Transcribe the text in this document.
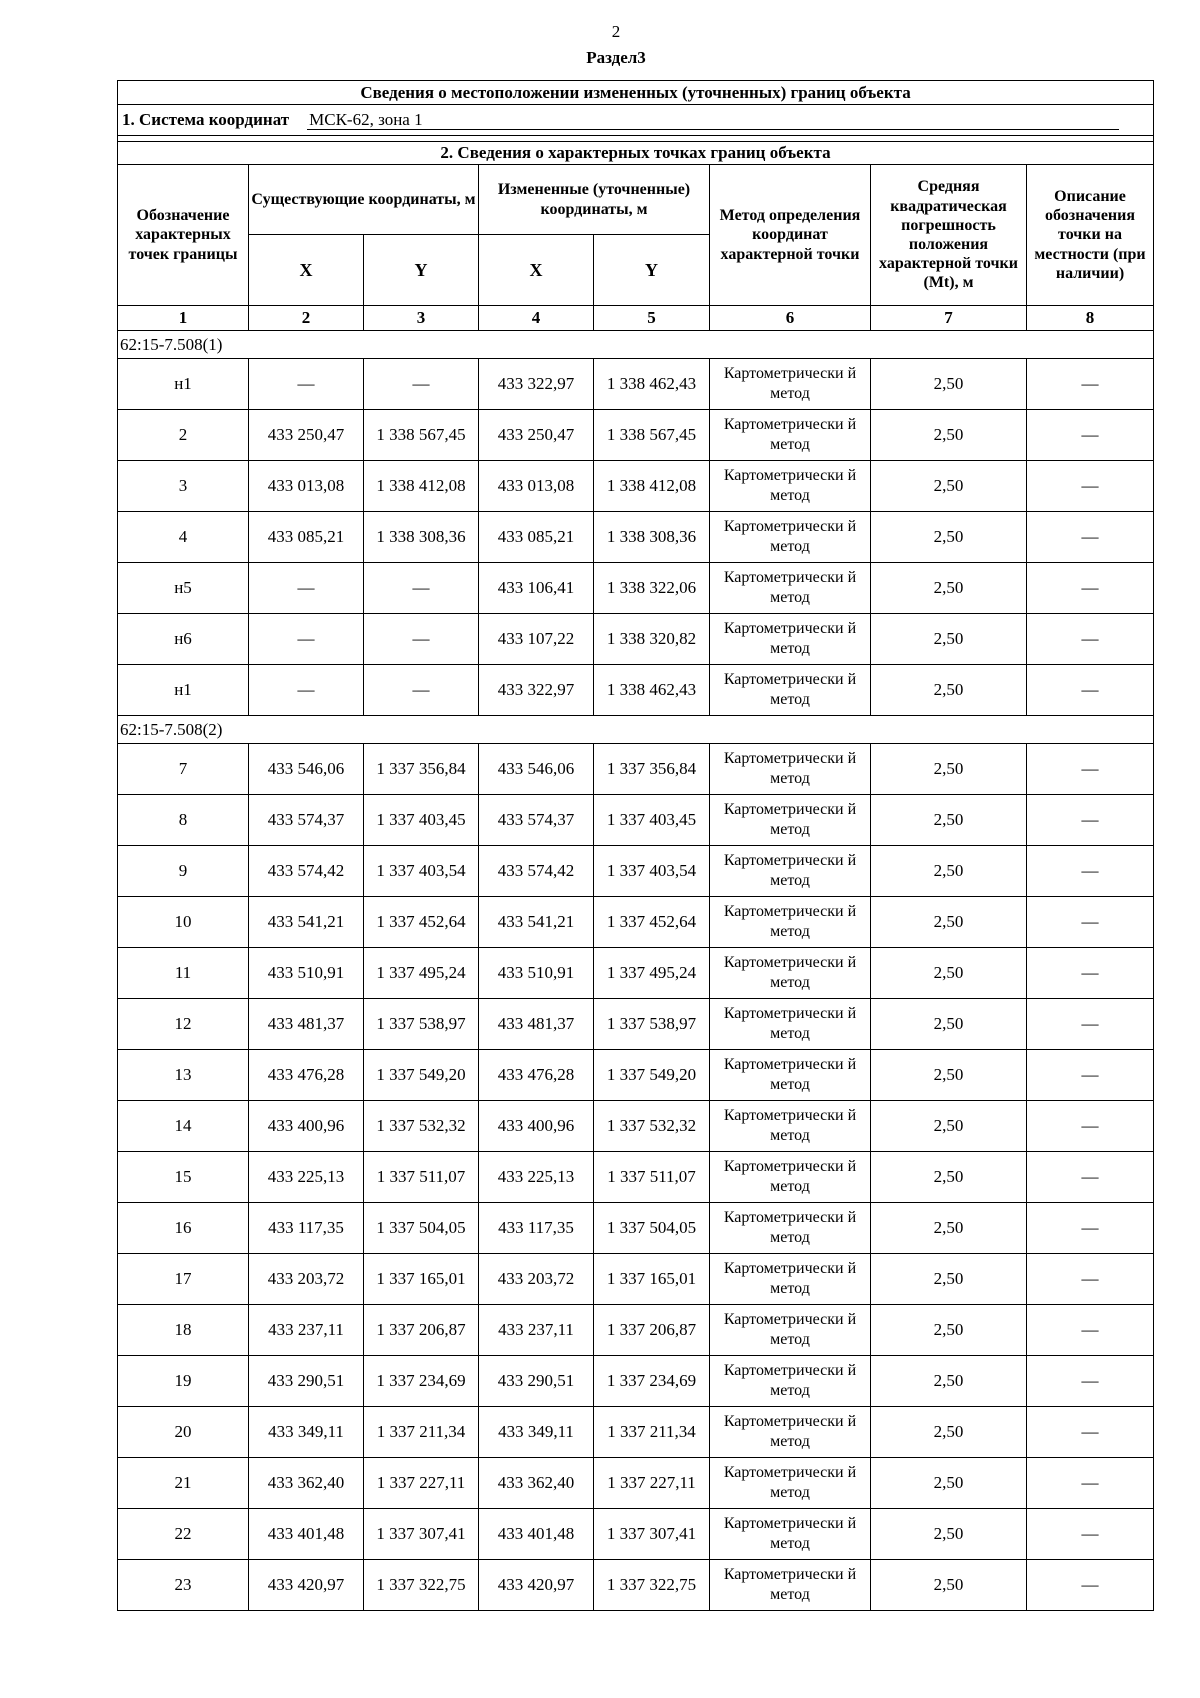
2
Раздел3
Сведения о местоположении измененных (уточненных) границ объекта							
1. Система координат МСК-62, зона 1							

2. Сведения о характерных точках границ объекта							
Обозначение характерных точек границы	Существующие координаты, м		Измененные (уточненные) координаты, м		Метод определения координат характерной точки	Средняя квадратическая погрешность положения характерной точки (Mt), м	Описание обозначения точки на местности (при наличии)
	X	Y	X	Y			
1	2	3	4	5	6	7	8
62:15-7.508(1)							
н1	—	—	433 322,97	1 338 462,43	Картометрически й метод	2,50	—
2	433 250,47	1 338 567,45	433 250,47	1 338 567,45	Картометрически й метод	2,50	—
3	433 013,08	1 338 412,08	433 013,08	1 338 412,08	Картометрически й метод	2,50	—
4	433 085,21	1 338 308,36	433 085,21	1 338 308,36	Картометрически й метод	2,50	—
н5	—	—	433 106,41	1 338 322,06	Картометрически й метод	2,50	—
н6	—	—	433 107,22	1 338 320,82	Картометрически й метод	2,50	—
н1	—	—	433 322,97	1 338 462,43	Картометрически й метод	2,50	—
62:15-7.508(2)							
7	433 546,06	1 337 356,84	433 546,06	1 337 356,84	Картометрически й метод	2,50	—
8	433 574,37	1 337 403,45	433 574,37	1 337 403,45	Картометрически й метод	2,50	—
9	433 574,42	1 337 403,54	433 574,42	1 337 403,54	Картометрически й метод	2,50	—
10	433 541,21	1 337 452,64	433 541,21	1 337 452,64	Картометрически й метод	2,50	—
11	433 510,91	1 337 495,24	433 510,91	1 337 495,24	Картометрически й метод	2,50	—
12	433 481,37	1 337 538,97	433 481,37	1 337 538,97	Картометрически й метод	2,50	—
13	433 476,28	1 337 549,20	433 476,28	1 337 549,20	Картометрически й метод	2,50	—
14	433 400,96	1 337 532,32	433 400,96	1 337 532,32	Картометрически й метод	2,50	—
15	433 225,13	1 337 511,07	433 225,13	1 337 511,07	Картометрически й метод	2,50	—
16	433 117,35	1 337 504,05	433 117,35	1 337 504,05	Картометрически й метод	2,50	—
17	433 203,72	1 337 165,01	433 203,72	1 337 165,01	Картометрически й метод	2,50	—
18	433 237,11	1 337 206,87	433 237,11	1 337 206,87	Картометрически й метод	2,50	—
19	433 290,51	1 337 234,69	433 290,51	1 337 234,69	Картометрически й метод	2,50	—
20	433 349,11	1 337 211,34	433 349,11	1 337 211,34	Картометрически й метод	2,50	—
21	433 362,40	1 337 227,11	433 362,40	1 337 227,11	Картометрически й метод	2,50	—
22	433 401,48	1 337 307,41	433 401,48	1 337 307,41	Картометрически й метод	2,50	—
23	433 420,97	1 337 322,75	433 420,97	1 337 322,75	Картометрически й метод	2,50	—
